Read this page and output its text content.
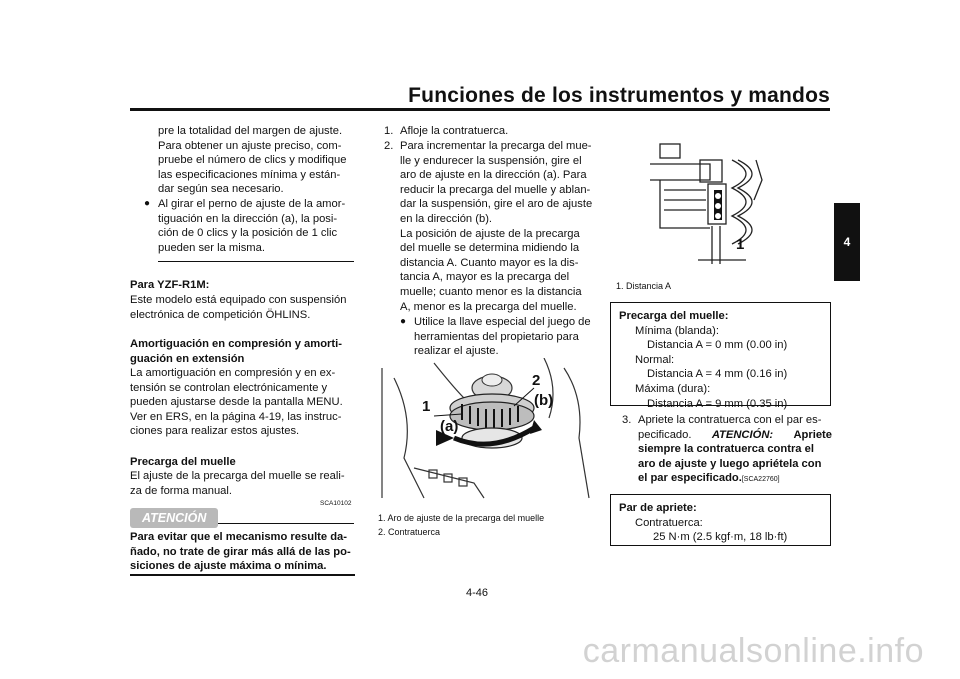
Funciones de los instrumentos y mandos
4
pre la totalidad del margen de ajuste.
Para obtener un ajuste preciso, com-
pruebe el número de clics y modifique
las especificaciones mínima y están-
dar según sea necesario.
● Al girar el perno de ajuste de la amor-
tiguación en la dirección (a), la posi-
ción de 0 clics y la posición de 1 clic
pueden ser la misma.
Para YZF-R1M:
Este modelo está equipado con suspensión
electrónica de competición ÖHLINS.
Amortiguación en compresión y amorti-
guación en extensión
La amortiguación en compresión y en ex-
tensión se controlan electrónicamente y
pueden ajustarse desde la pantalla MENU.
Ver en ERS, en la página 4-19, las instruc-
ciones para realizar estos ajustes.
Precarga del muelle
El ajuste de la precarga del muelle se reali-
za de forma manual.
SCA10102
ATENCIÓN
Para evitar que el mecanismo resulte da-
ñado, no trate de girar más allá de las po-
siciones de ajuste máxima o mínima.
1. Afloje la contratuerca.
2. Para incrementar la precarga del mue-
lle y endurecer la suspensión, gire el
aro de ajuste en la dirección (a). Para
reducir la precarga del muelle y ablan-
dar la suspensión, gire el aro de ajuste
en la dirección (b).
La posición de ajuste de la precarga
del muelle se determina midiendo la
distancia A. Cuanto mayor es la dis-
tancia A, mayor es la precarga del
muelle; cuanto menor es la distancia
A, menor es la precarga del muelle.
● Utilice la llave especial del juego de
herramientas del propietario para
realizar el ajuste.
1
2
(a)
(b)
1. Aro de ajuste de la precarga del muelle
2. Contratuerca
1
1. Distancia A
Precarga del muelle:
Mínima (blanda):
Distancia A = 0 mm (0.00 in)
Normal:
Distancia A = 4 mm (0.16 in)
Máxima (dura):
Distancia A = 9 mm (0.35 in)
3. Apriete la contratuerca con el par es-
pecificado. ATENCIÓN: Apriete
siempre la contratuerca contra el
aro de ajuste y luego apriétela con
el par especificado.[SCA22760]
Par de apriete:
Contratuerca:
25 N·m (2.5 kgf·m, 18 lb·ft)
4-46
carmanualsonline.info
